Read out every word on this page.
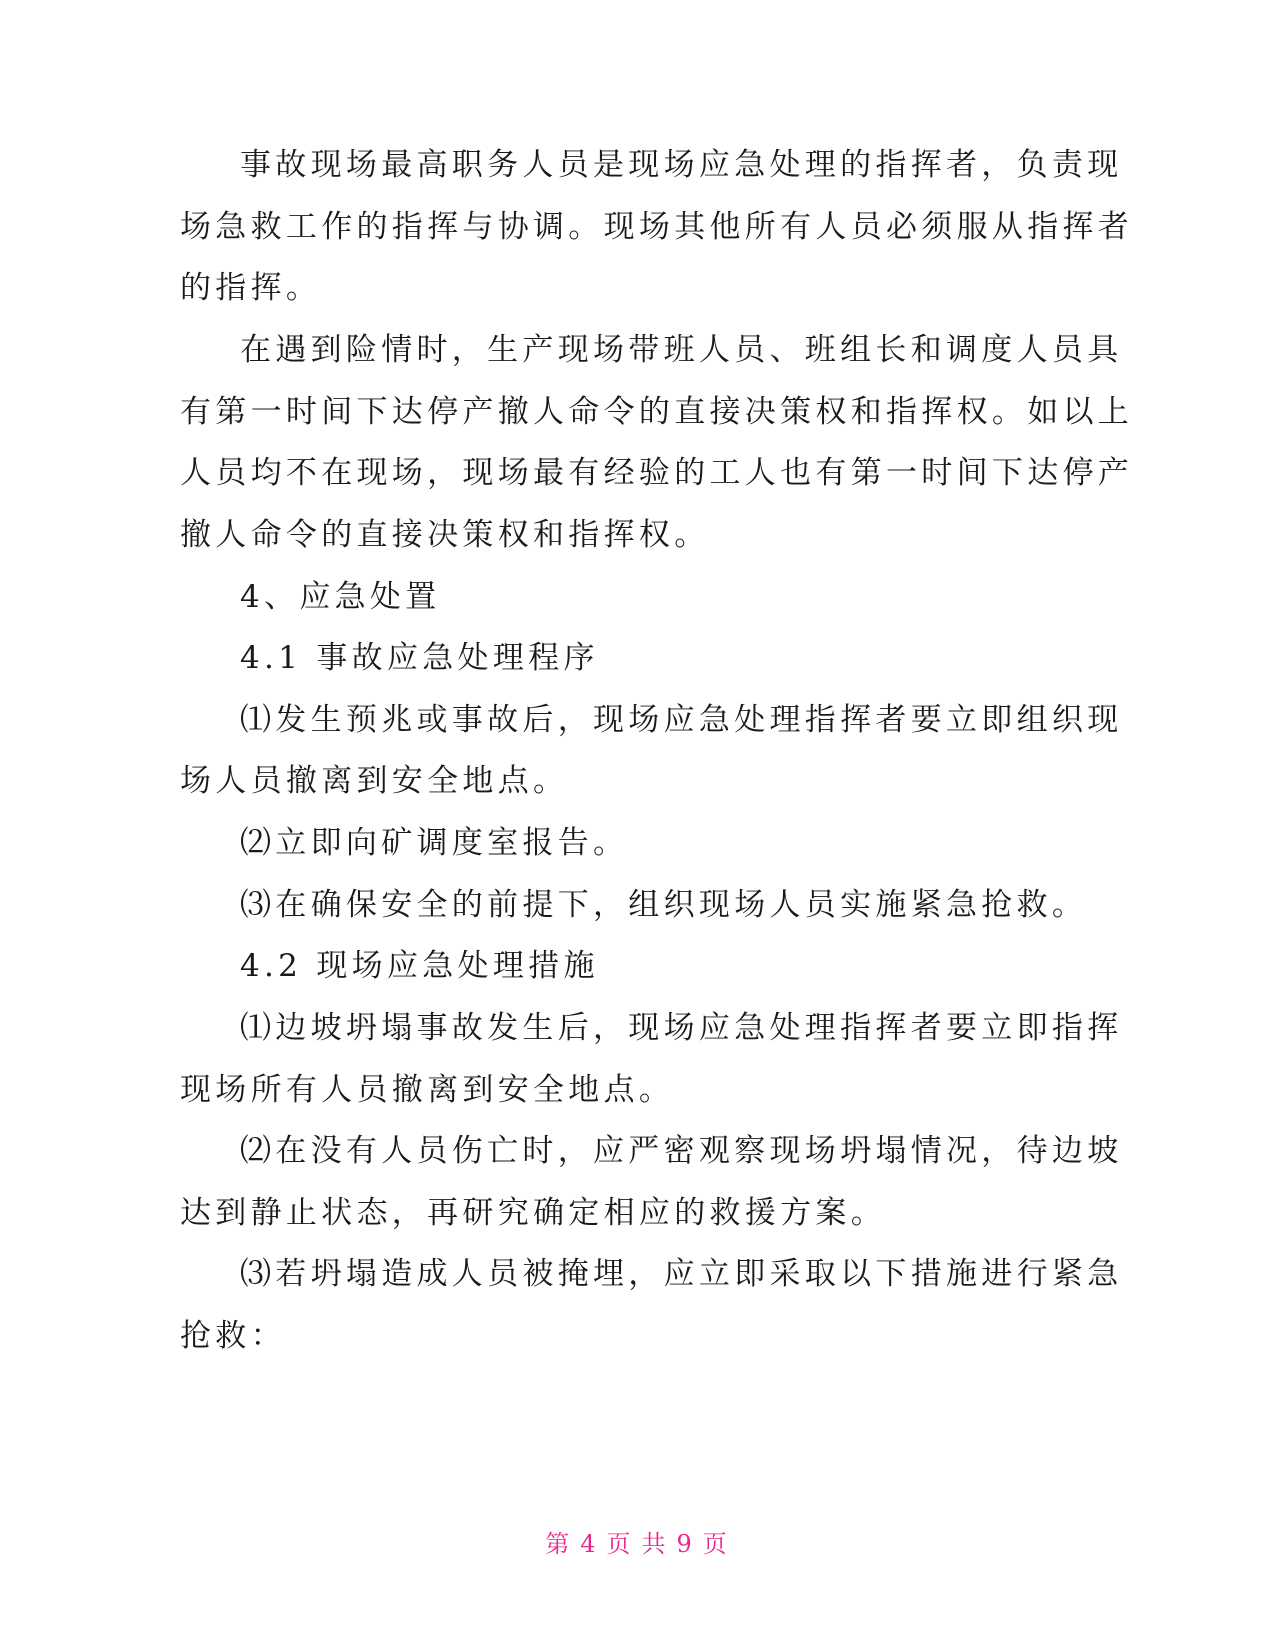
事故现场最高职务人员是现场应急处理的指挥者，负责现
场急救工作的指挥与协调。现场其他所有人员必须服从指挥者
的指挥。
在遇到险情时，生产现场带班人员、班组长和调度人员具
有第一时间下达停产撤人命令的直接决策权和指挥权。如以上
人员均不在现场，现场最有经验的工人也有第一时间下达停产
撤人命令的直接决策权和指挥权。
4、应急处置
4.1 事故应急处理程序
⑴发生预兆或事故后，现场应急处理指挥者要立即组织现
场人员撤离到安全地点。
⑵立即向矿调度室报告。
⑶在确保安全的前提下，组织现场人员实施紧急抢救。
4.2 现场应急处理措施
⑴边坡坍塌事故发生后，现场应急处理指挥者要立即指挥
现场所有人员撤离到安全地点。
⑵在没有人员伤亡时，应严密观察现场坍塌情况，待边坡
达到静止状态，再研究确定相应的救援方案。
⑶若坍塌造成人员被掩埋，应立即采取以下措施进行紧急
抢救：
第 4 页 共 9 页
